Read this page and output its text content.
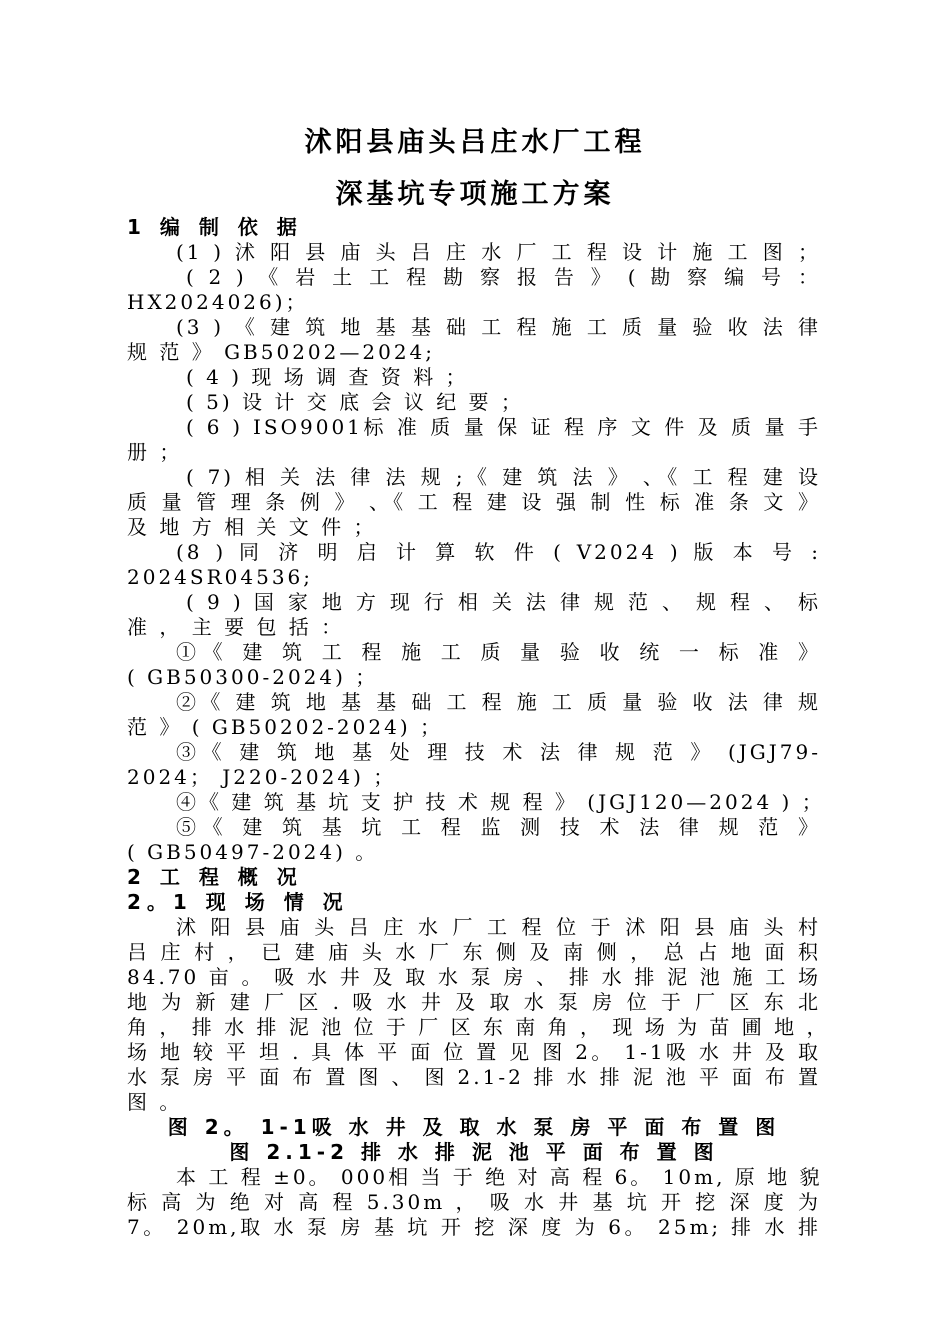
沭阳县庙头吕庄水厂工程
深基坑专项施工方案
1 编 制 依 据
(1 ) 沭 阳 县 庙 头 吕 庄 水 厂 工 程 设 计 施 工 图 ；
( 2 ) 《 岩 土 工 程 勘 察 报 告 》 ( 勘 察 编 号 ：
HX2024026)；
(3 ) 《 建 筑 地 基 基 础 工 程 施 工 质 量 验 收 法 律
规 范 》 GB50202—2024;
( 4 ) 现 场 调 查 资 料 ；
( 5) 设 计 交 底 会 议 纪 要 ；
( 6 ) ISO9001标 准 质 量 保 证 程 序 文 件 及 质 量 手
册 ；
( 7) 相 关 法 律 法 规 ;《 建 筑 法 》 、《 工 程 建 设
质 量 管 理 条 例 》 、《 工 程 建 设 强 制 性 标 准 条 文 》
及 地 方 相 关 文 件 ；
(8 ) 同 济 明 启 计 算 软 件 ( V2024 ) 版 本 号 :
2024SR04536;
( 9 ) 国 家 地 方 现 行 相 关 法 律 规 范 、 规 程 、 标
准 ， 主 要 包 括 ：
①《 建 筑 工 程 施 工 质 量 验 收 统 一 标 准 》
( GB50300-2024) ；
②《 建 筑 地 基 基 础 工 程 施 工 质 量 验 收 法 律 规
范 》 ( GB50202-2024) ；
③《 建 筑 地 基 处 理 技 术 法 律 规 范 》 (JGJ79-
2024； J220-2024) ；
④《 建 筑 基 坑 支 护 技 术 规 程 》 (JGJ120—2024 ) ；
⑤《 建 筑 基 坑 工 程 监 测 技 术 法 律 规 范 》
( GB50497-2024) 。
2 工 程 概 况
2。1 现 场 情 况
沭 阳 县 庙 头 吕 庄 水 厂 工 程 位 于 沭 阳 县 庙 头 村
吕 庄 村 ， 已 建 庙 头 水 厂 东 侧 及 南 侧 ， 总 占 地 面 积
84.70 亩 。 吸 水 井 及 取 水 泵 房 、 排 水 排 泥 池 施 工 场
地 为 新 建 厂 区 . 吸 水 井 及 取 水 泵 房 位 于 厂 区 东 北
角 ， 排 水 排 泥 池 位 于 厂 区 东 南 角 ， 现 场 为 苗 圃 地 ，
场 地 较 平 坦 . 具 体 平 面 位 置 见 图 2。 1-1吸 水 井 及 取
水 泵 房 平 面 布 置 图 、 图 2.1-2 排 水 排 泥 池 平 面 布 置
图 。
图 2。 1-1吸 水 井 及 取 水 泵 房 平 面 布 置 图
图 2.1-2 排 水 排 泥 池 平 面 布 置 图
本 工 程 ±0。 000相 当 于 绝 对 高 程 6。 10m, 原 地 貌
标 高 为 绝 对 高 程 5.30m ， 吸 水 井 基 坑 开 挖 深 度 为
7。 20m,取 水 泵 房 基 坑 开 挖 深 度 为 6。 25m; 排 水 排
